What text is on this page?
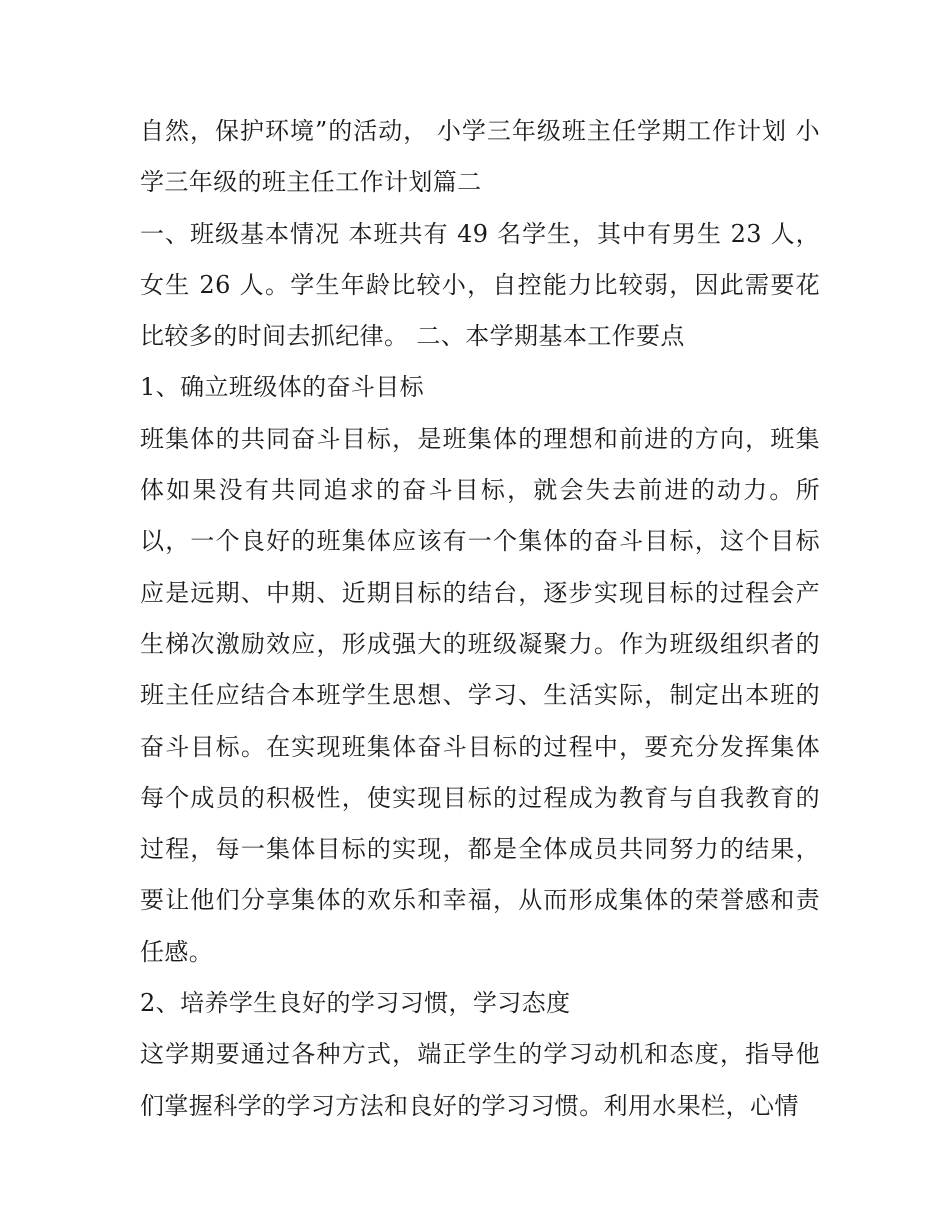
自然，保护环境”的活动， 小学三年级班主任学期工作计划 小学三年级的班主任工作计划篇二

一、班级基本情况 本班共有 49 名学生，其中有男生 23 人，女生 26 人。学生年龄比较小，自控能力比较弱，因此需要花比较多的时间去抓纪律。 二、本学期基本工作要点

1、确立班级体的奋斗目标

班集体的共同奋斗目标，是班集体的理想和前进的方向，班集体如果没有共同追求的奋斗目标，就会失去前进的动力。所以，一个良好的班集体应该有一个集体的奋斗目标，这个目标应是远期、中期、近期目标的结台，逐步实现目标的过程会产生梯次激励效应，形成强大的班级凝聚力。作为班级组织者的班主任应结合本班学生思想、学习、生活实际，制定出本班的奋斗目标。在实现班集体奋斗目标的过程中，要充分发挥集体每个成员的积极性，使实现目标的过程成为教育与自我教育的过程，每一集体目标的实现，都是全体成员共同努力的结果，要让他们分享集体的欢乐和幸福，从而形成集体的荣誉感和责任感。

2、培养学生良好的学习习惯，学习态度

这学期要通过各种方式，端正学生的学习动机和态度，指导他们掌握科学的学习方法和良好的学习习惯。利用水果栏，心情
